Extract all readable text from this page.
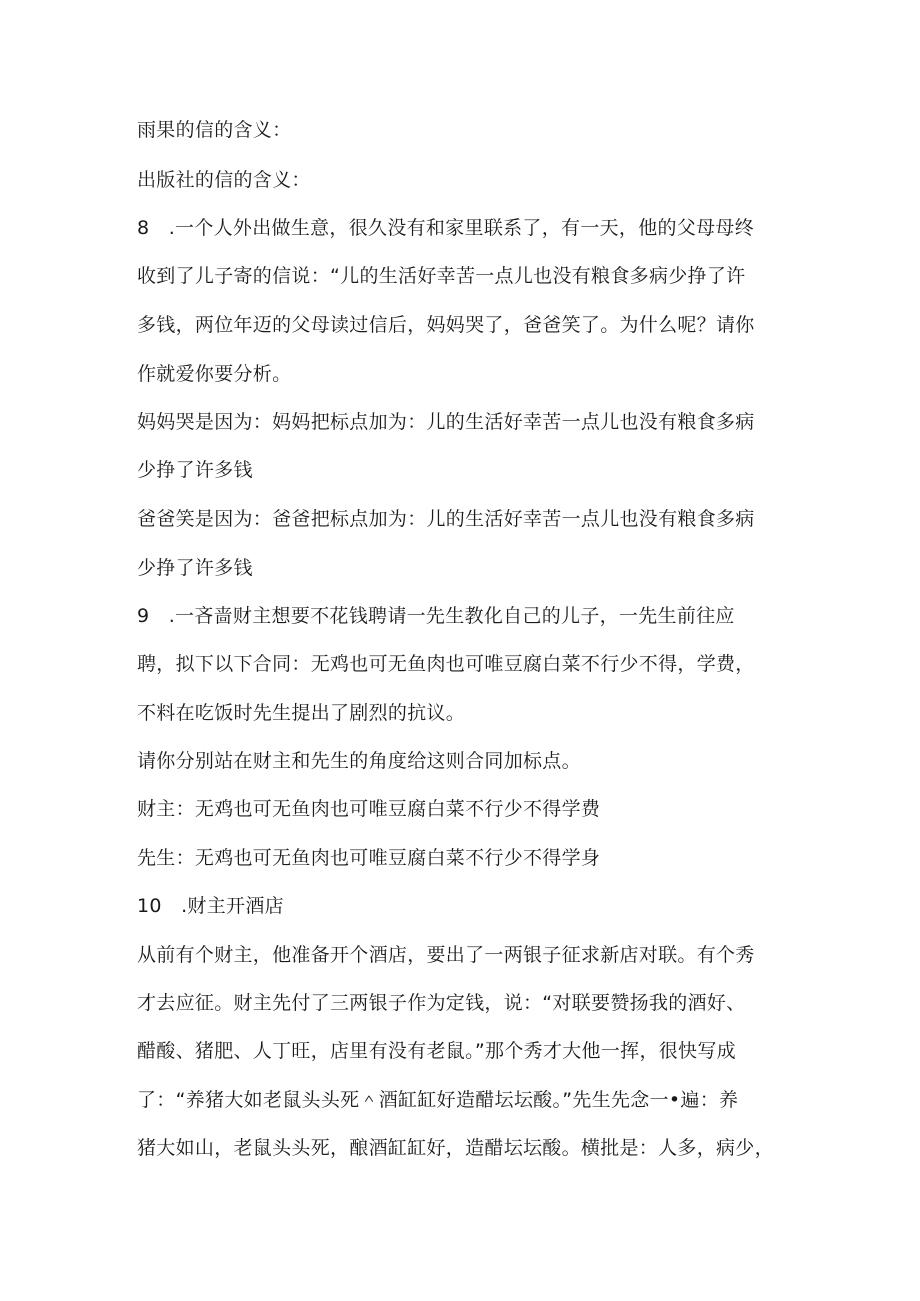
雨果的信的含义：
出版社的信的含义：
8　.一个人外出做生意，很久没有和家里联系了，有一天，他的父母母终
收到了儿子寄的信说：“儿的生活好幸苦一点儿也没有粮食多病少挣了许
多钱，两位年迈的父母读过信后，妈妈哭了，爸爸笑了。为什么呢？请你
作就爱你要分析。
妈妈哭是因为：妈妈把标点加为：儿的生活好幸苦一点儿也没有粮食多病
少挣了许多钱
爸爸笑是因为：爸爸把标点加为：儿的生活好幸苦一点儿也没有粮食多病
少挣了许多钱
9　.一吝啬财主想要不花钱聘请一先生教化自己的儿子，一先生前往应
聘，拟下以下合同：无鸡也可无鱼肉也可唯豆腐白菜不行少不得，学费，
不料在吃饭时先生提出了剧烈的抗议。
请你分别站在财主和先生的角度给这则合同加标点。
财主：无鸡也可无鱼肉也可唯豆腐白菜不行少不得学费
先生：无鸡也可无鱼肉也可唯豆腐白菜不行少不得学身
10　.财主开酒店
从前有个财主，他准备开个酒店，要出了一两银子征求新店对联。有个秀
才去应征。财主先付了三两银子作为定钱，说：“对联要赞扬我的酒好、
醋酸、猪肥、人丁旺，店里有没有老鼠。”那个秀才大他一挥，很快写成
了：“养猪大如老鼠头头死＾酒缸缸好造醋坛坛酸。”先生先念一•遍：养
猪大如山，老鼠头头死，酿酒缸缸好，造醋坛坛酸。横批是：人多，病少，
